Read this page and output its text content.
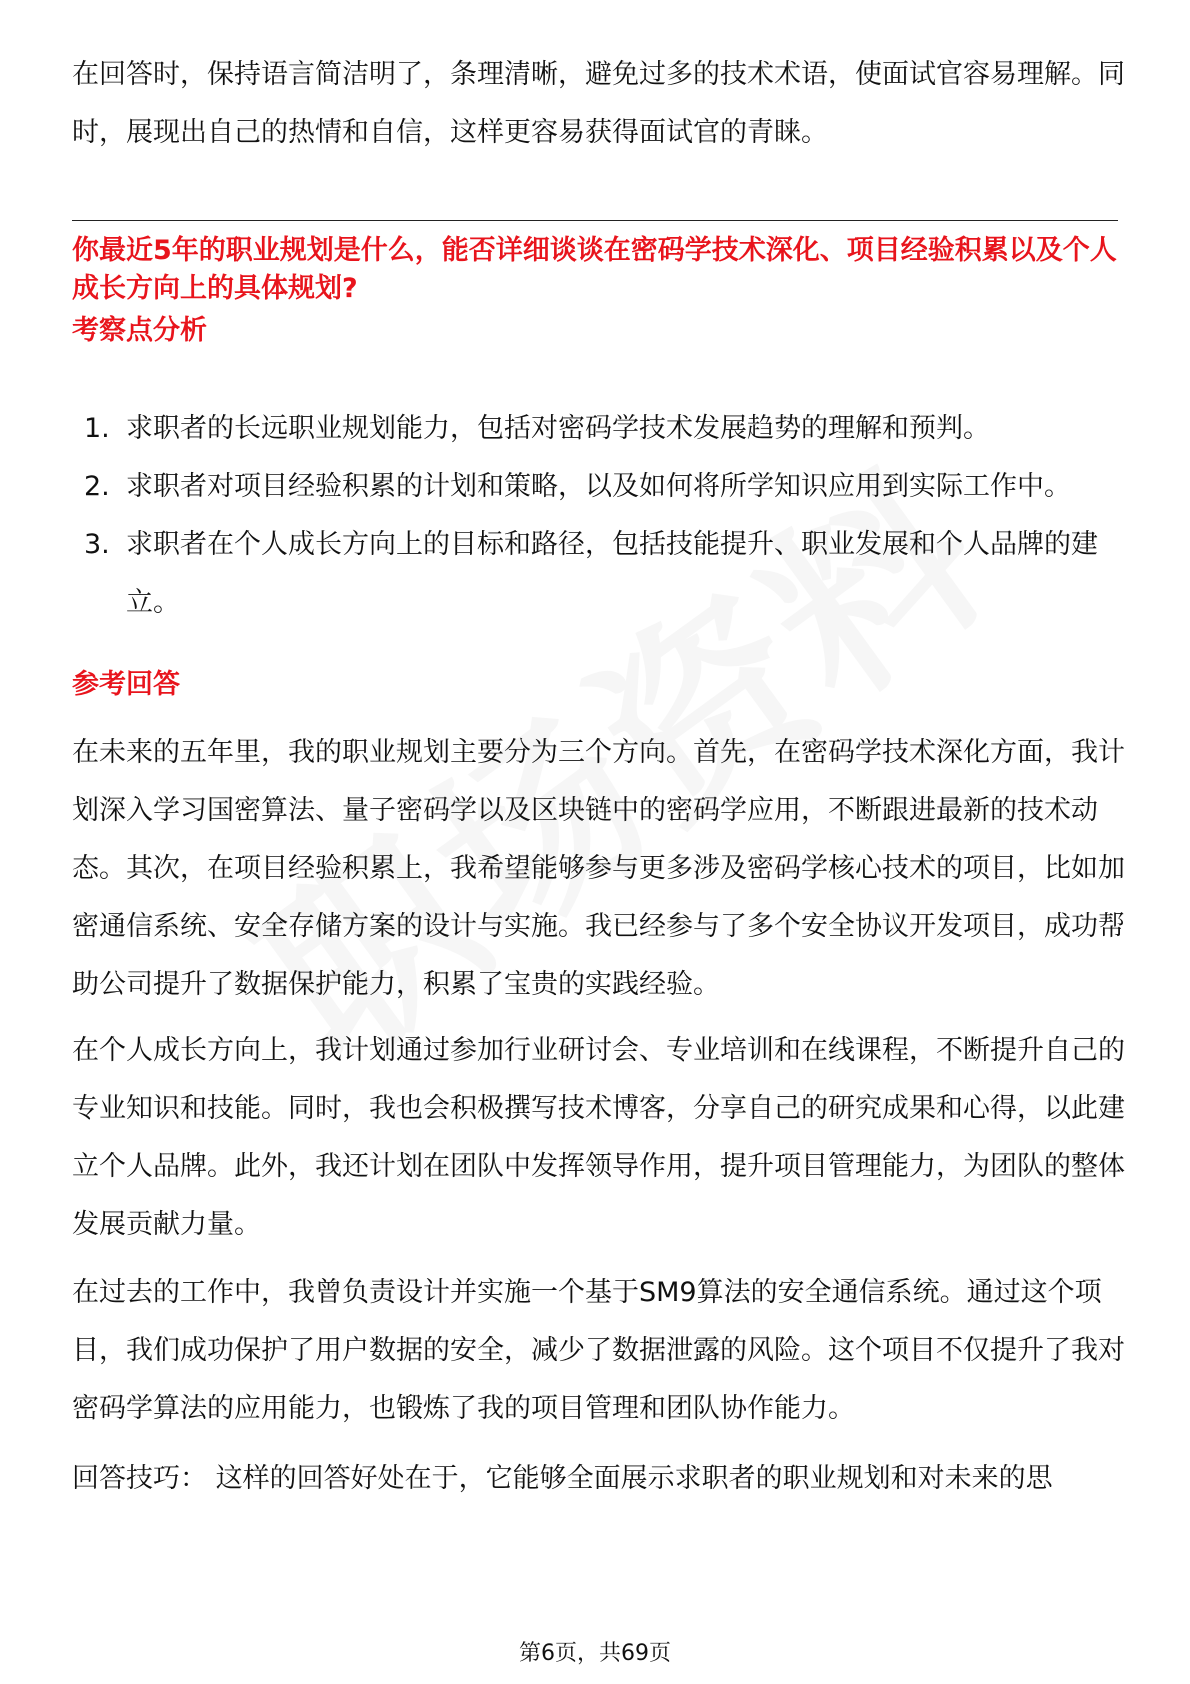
在回答时，保持语言简洁明了，条理清晰，避免过多的技术术语，使面试官容易理解。同时，展现出自己的热情和自信，这样更容易获得面试官的青睐。

你最近5年的职业规划是什么，能否详细谈谈在密码学技术深化、项目经验积累以及个人成长方向上的具体规划?

考察点分析

1. 求职者的长远职业规划能力，包括对密码学技术发展趋势的理解和预判。
2. 求职者对项目经验积累的计划和策略，以及如何将所学知识应用到实际工作中。
3. 求职者在个人成长方向上的目标和路径，包括技能提升、职业发展和个人品牌的建立。

参考回答

在未来的五年里，我的职业规划主要分为三个方向。首先，在密码学技术深化方面，我计划深入学习国密算法、量子密码学以及区块链中的密码学应用，不断跟进最新的技术动态。其次，在项目经验积累上，我希望能够参与更多涉及密码学核心技术的项目，比如加密通信系统、安全存储方案的设计与实施。我已经参与了多个安全协议开发项目，成功帮助公司提升了数据保护能力，积累了宝贵的实践经验。

在个人成长方向上，我计划通过参加行业研讨会、专业培训和在线课程，不断提升自己的专业知识和技能。同时，我也会积极撰写技术博客，分享自己的研究成果和心得，以此建立个人品牌。此外，我还计划在团队中发挥领导作用，提升项目管理能力，为团队的整体发展贡献力量。

在过去的工作中，我曾负责设计并实施一个基于SM9算法的安全通信系统。通过这个项目，我们成功保护了用户数据的安全，减少了数据泄露的风险。这个项目不仅提升了我对密码学算法的应用能力，也锻炼了我的项目管理和团队协作能力。

回答技巧： 这样的回答好处在于，它能够全面展示求职者的职业规划和对未来的思

第6页，共69页
